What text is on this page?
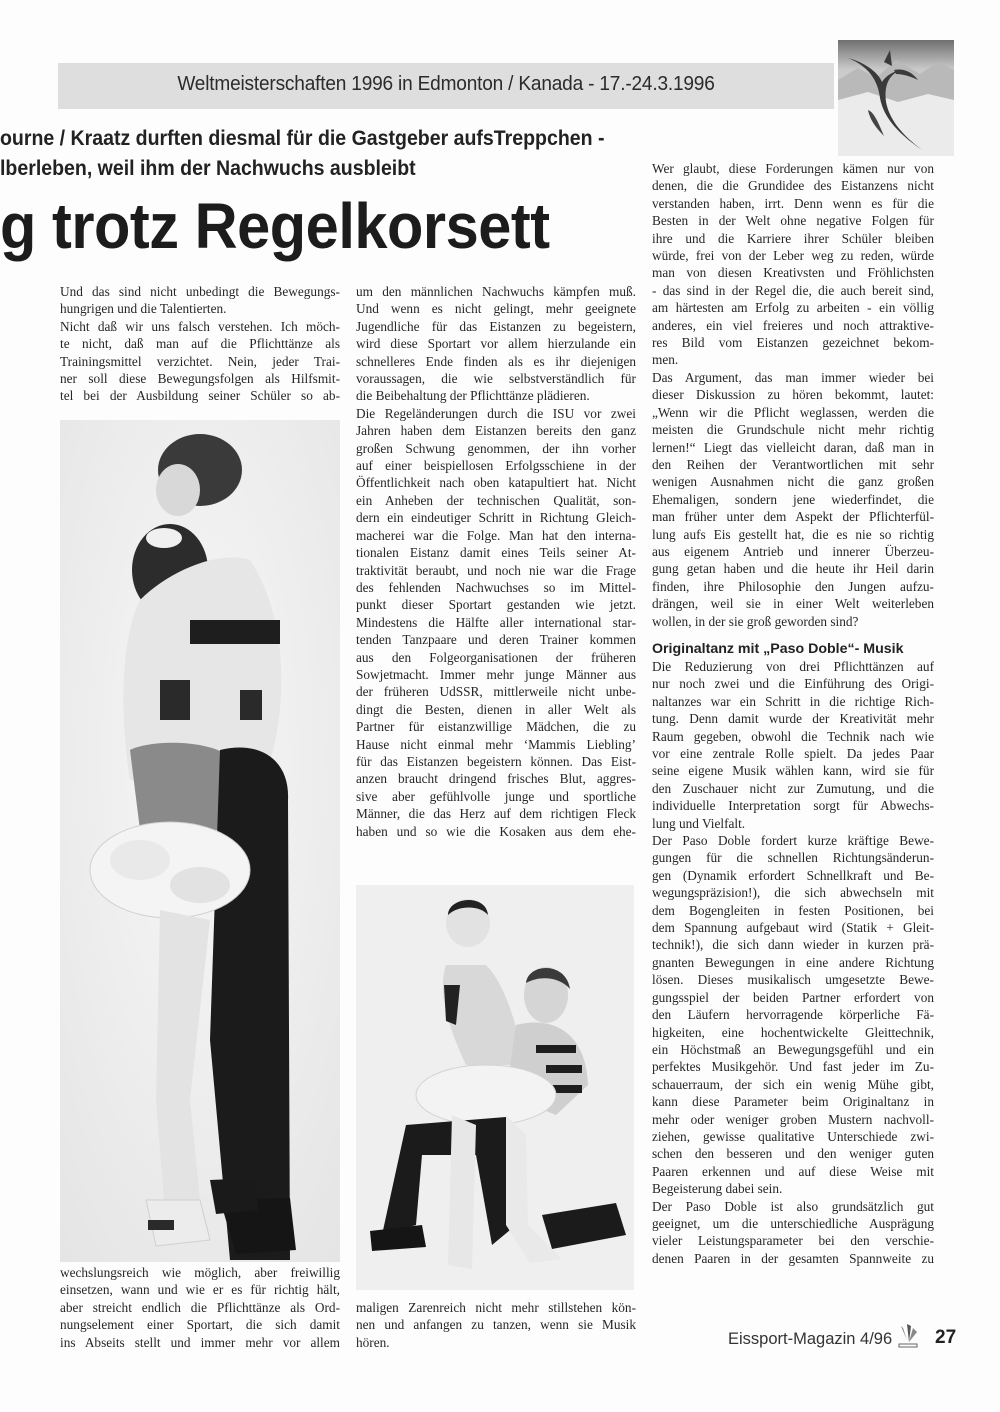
Weltmeisterschaften 1996 in Edmonton / Kanada - 17.-24.3.1996
ourne / Kraatz durften diesmal für die Gastgeber aufsTreppchen -
lberleben, weil ihm der Nachwuchs ausbleibt
g trotz Regelkorsett
Und das sind nicht unbedingt die Bewegungs-
hungrigen und die Talentierten.
Nicht daß wir uns falsch verstehen. Ich möch-
te nicht, daß man auf die Pflichttänze als
Trainingsmittel verzichtet. Nein, jeder Trai-
ner soll diese Bewegungsfolgen als Hilfsmit-
tel bei der Ausbildung seiner Schüler so ab-
wechslungsreich wie möglich, aber freiwillig
einsetzen, wann und wie er es für richtig hält,
aber streicht endlich die Pflichttänze als Ord-
nungselement einer Sportart, die sich damit
ins Abseits stellt und immer mehr vor allem
um den männlichen Nachwuchs kämpfen muß.
Und wenn es nicht gelingt, mehr geeignete
Jugendliche für das Eistanzen zu begeistern,
wird diese Sportart vor allem hierzulande ein
schnelleres Ende finden als es ihr diejenigen
voraussagen, die wie selbstverständlich für
die Beibehaltung der Pflichttänze plädieren.
Die Regeländerungen durch die ISU vor zwei
Jahren haben dem Eistanzen bereits den ganz
großen Schwung genommen, der ihn vorher
auf einer beispiellosen Erfolgsschiene in der
Öffentlichkeit nach oben katapultiert hat. Nicht
ein Anheben der technischen Qualität, son-
dern ein eindeutiger Schritt in Richtung Gleich-
macherei war die Folge. Man hat den interna-
tionalen Eistanz damit eines Teils seiner At-
traktivität beraubt, und noch nie war die Frage
des fehlenden Nachwuchses so im Mittel-
punkt dieser Sportart gestanden wie jetzt.
Mindestens die Hälfte aller international star-
tenden Tanzpaare und deren Trainer kommen
aus den Folgeorganisationen der früheren
Sowjetmacht. Immer mehr junge Männer aus
der früheren UdSSR, mittlerweile nicht unbe-
dingt die Besten, dienen in aller Welt als
Partner für eistanzwillige Mädchen, die zu
Hause nicht einmal mehr ‘Mammis Liebling’
für das Eistanzen begeistern können. Das Eist-
anzen braucht dringend frisches Blut, aggres-
sive aber gefühlvolle junge und sportliche
Männer, die das Herz auf dem richtigen Fleck
haben und so wie die Kosaken aus dem ehe-
maligen Zarenreich nicht mehr stillstehen kön-
nen und anfangen zu tanzen, wenn sie Musik
hören.
Wer glaubt, diese Forderungen kämen nur von
denen, die die Grundidee des Eistanzens nicht
verstanden haben, irrt. Denn wenn es für die
Besten in der Welt ohne negative Folgen für
ihre und die Karriere ihrer Schüler bleiben
würde, frei von der Leber weg zu reden, würde
man von diesen Kreativsten und Fröhlichsten
- das sind in der Regel die, die auch bereit sind,
am härtesten am Erfolg zu arbeiten - ein völlig
anderes, ein viel freieres und noch attraktive-
res Bild vom Eistanzen gezeichnet bekom-
men.
Das Argument, das man immer wieder bei
dieser Diskussion zu hören bekommt, lautet:
„Wenn wir die Pflicht weglassen, werden die
meisten die Grundschule nicht mehr richtig
lernen!“ Liegt das vielleicht daran, daß man in
den Reihen der Verantwortlichen mit sehr
wenigen Ausnahmen nicht die ganz großen
Ehemaligen, sondern jene wiederfindet, die
man früher unter dem Aspekt der Pflichterfül-
lung aufs Eis gestellt hat, die es nie so richtig
aus eigenem Antrieb und innerer Überzeu-
gung getan haben und die heute ihr Heil darin
finden, ihre Philosophie den Jungen aufzu-
drängen, weil sie in einer Welt weiterleben
wollen, in der sie groß geworden sind?
Originaltanz mit „Paso Doble“- Musik
Die Reduzierung von drei Pflichttänzen auf
nur noch zwei und die Einführung des Origi-
naltanzes war ein Schritt in die richtige Rich-
tung. Denn damit wurde der Kreativität mehr
Raum gegeben, obwohl die Technik nach wie
vor eine zentrale Rolle spielt. Da jedes Paar
seine eigene Musik wählen kann, wird sie für
den Zuschauer nicht zur Zumutung, und die
individuelle Interpretation sorgt für Abwechs-
lung und Vielfalt.
Der Paso Doble fordert kurze kräftige Bewe-
gungen für die schnellen Richtungsänderun-
gen (Dynamik erfordert Schnellkraft und Be-
wegungspräzision!), die sich abwechseln mit
dem Bogengleiten in festen Positionen, bei
dem Spannung aufgebaut wird (Statik + Gleit-
technik!), die sich dann wieder in kurzen prä-
gnanten Bewegungen in eine andere Richtung
lösen. Dieses musikalisch umgesetzte Bewe-
gungsspiel der beiden Partner erfordert von
den Läufern hervorragende körperliche Fä-
higkeiten, eine hochentwickelte Gleittechnik,
ein Höchstmaß an Bewegungsgefühl und ein
perfektes Musikgehör. Und fast jeder im Zu-
schauerraum, der sich ein wenig Mühe gibt,
kann diese Parameter beim Originaltanz in
mehr oder weniger groben Mustern nachvoll-
ziehen, gewisse qualitative Unterschiede zwi-
schen den besseren und den weniger guten
Paaren erkennen und auf diese Weise mit
Begeisterung dabei sein.
Der Paso Doble ist also grundsätzlich gut
geeignet, um die unterschiedliche Ausprägung
vieler Leistungsparameter bei den verschie-
denen Paaren in der gesamten Spannweite zu
Eissport-Magazin 4/96 27
